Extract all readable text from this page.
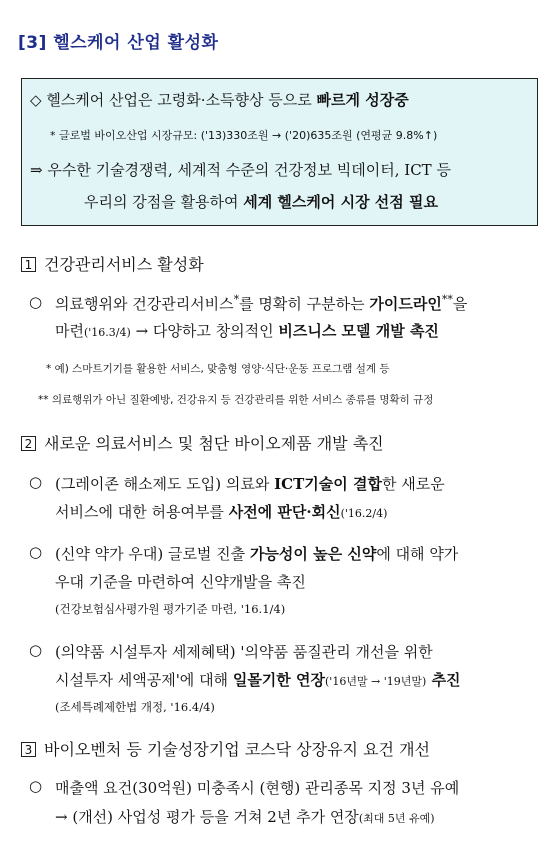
[3] 헬스케어 산업 활성화
◇ 헬스케어 산업은 고령화·소득향상 등으로 빠르게 성장중
* 글로벌 바이오산업 시장규모: ('13)330조원 → ('20)635조원 (연평균 9.8%↑)
⇒ 우수한 기술경쟁력, 세계적 수준의 건강정보 빅데이터, ICT 등
우리의 강점을 활용하여 세계 헬스케어 시장 선점 필요
1 건강관리서비스 활성화
○ 의료행위와 건강관리서비스*를 명확히 구분하는 가이드라인**을
마련('16.3/4) → 다양하고 창의적인 비즈니스 모델 개발 촉진
* 예) 스마트기기를 활용한 서비스, 맞춤형 영양·식단·운동 프로그램 설계 등
** 의료행위가 아닌 질환예방, 건강유지 등 건강관리를 위한 서비스 종류를 명확히 규정
2 새로운 의료서비스 및 첨단 바이오제품 개발 촉진
○ (그레이존 해소제도 도입) 의료와 ICT기술이 결합한 새로운
서비스에 대한 허용여부를 사전에 판단·회신('16.2/4)
○ (신약 약가 우대) 글로벌 진출 가능성이 높은 신약에 대해 약가
우대 기준을 마련하여 신약개발을 촉진
(건강보험심사평가원 평가기준 마련, '16.1/4)
○ (의약품 시설투자 세제혜택) '의약품 품질관리 개선을 위한
시설투자 세액공제'에 대해 일몰기한 연장('16년말 → '19년말) 추진
(조세특례제한법 개정, '16.4/4)
3 바이오벤처 등 기술성장기업 코스닥 상장유지 요건 개선
○ 매출액 요건(30억원) 미충족시 (현행) 관리종목 지정 3년 유예
→ (개선) 사업성 평가 등을 거쳐 2년 추가 연장(최대 5년 유예)
